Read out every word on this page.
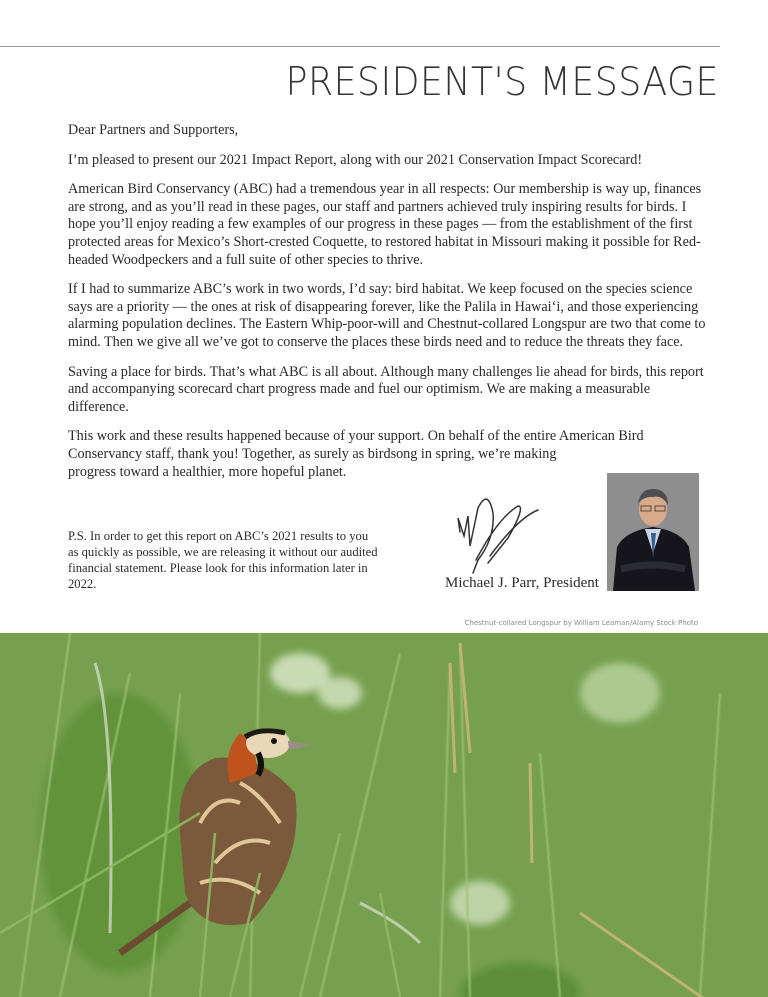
PRESIDENT'S MESSAGE

Dear Partners and Supporters,

I’m pleased to present our 2021 Impact Report, along with our 2021 Conservation Impact Scorecard!

American Bird Conservancy (ABC) had a tremendous year in all respects: Our membership is way up, finances are strong, and as you’ll read in these pages, our staff and partners achieved truly inspiring results for birds. I hope you’ll enjoy reading a few examples of our progress in these pages — from the establishment of the first protected areas for Mexico’s Short-crested Coquette, to restored habitat in Missouri making it possible for Red-headed Woodpeckers and a full suite of other species to thrive.

If I had to summarize ABC’s work in two words, I’d say: bird habitat. We keep focused on the species science says are a priority — the ones at risk of disappearing forever, like the Palila in Hawai‘i, and those experiencing alarming population declines. The Eastern Whip-poor-will and Chestnut-collared Longspur are two that come to mind. Then we give all we’ve got to conserve the places these birds need and to reduce the threats they face.

Saving a place for birds. That’s what ABC is all about. Although many challenges lie ahead for birds, this report and accompanying scorecard chart progress made and fuel our optimism. We are making a measurable difference.

This work and these results happened because of your support. On behalf of the entire American Bird
Conservancy staff, thank you! Together, as surely as birdsong in spring, we’re making
progress toward a healthier, more hopeful planet.

P.S. In order to get this report on ABC’s 2021 results to you as quickly as possible, we are releasing it without our audited financial statement. Please look for this information later in 2022.	Michael J. Parr, President
Chestnut-collared Longspur by William Leaman/Alamy Stock Photo
